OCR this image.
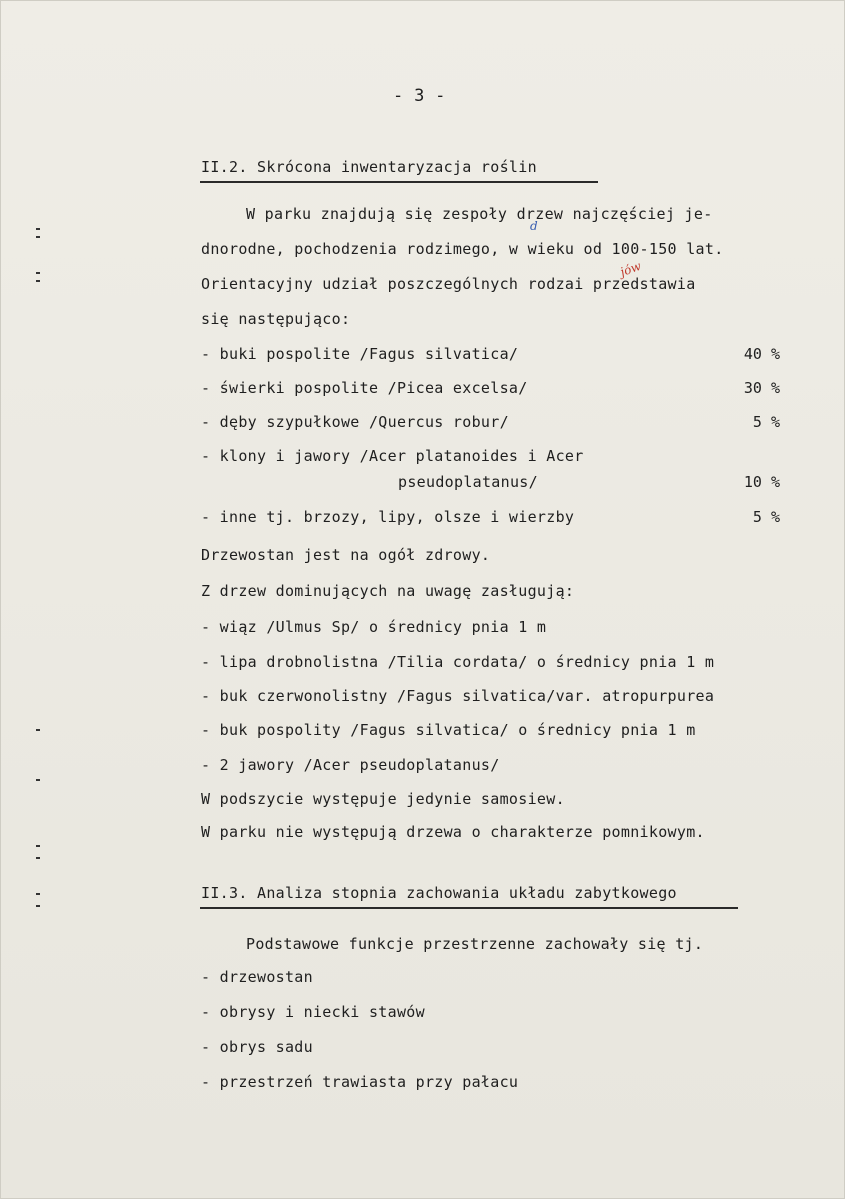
- 3 -
II.2. Skrócona inwentaryzacja roślin
W parku znajdują się zespoły drzew najczęściej je-
dnorodne, pochodzenia rodzimego, w wieku od 100-150 lat.
Orientacyjny udział poszczególnych rodzai przedstawia
się następująco:
d
jów
- buki pospolite /Fagus silvatica/	40 %
- świerki pospolite /Picea excelsa/	30 %
- dęby szypułkowe /Quercus robur/	5 %
- klony i jawory /Acer platanoides i Acer
pseudoplatanus/	10 %
- inne tj. brzozy, lipy, olsze i wierzby	5 %
Drzewostan jest na ogół zdrowy.
Z drzew dominujących na uwagę zasługują:
- wiąz /Ulmus Sp/ o średnicy pnia 1 m
- lipa drobnolistna /Tilia cordata/ o średnicy pnia 1 m
- buk czerwonolistny /Fagus silvatica/var. atropurpurea
- buk pospolity /Fagus silvatica/ o średnicy pnia 1 m
- 2 jawory /Acer pseudoplatanus/
W podszycie występuje jedynie samosiew.
W parku nie występują drzewa o charakterze pomnikowym.
II.3. Analiza stopnia zachowania układu zabytkowego
Podstawowe funkcje przestrzenne zachowały się tj.
- drzewostan
- obrysy i niecki stawów
- obrys sadu
- przestrzeń trawiasta przy pałacu
